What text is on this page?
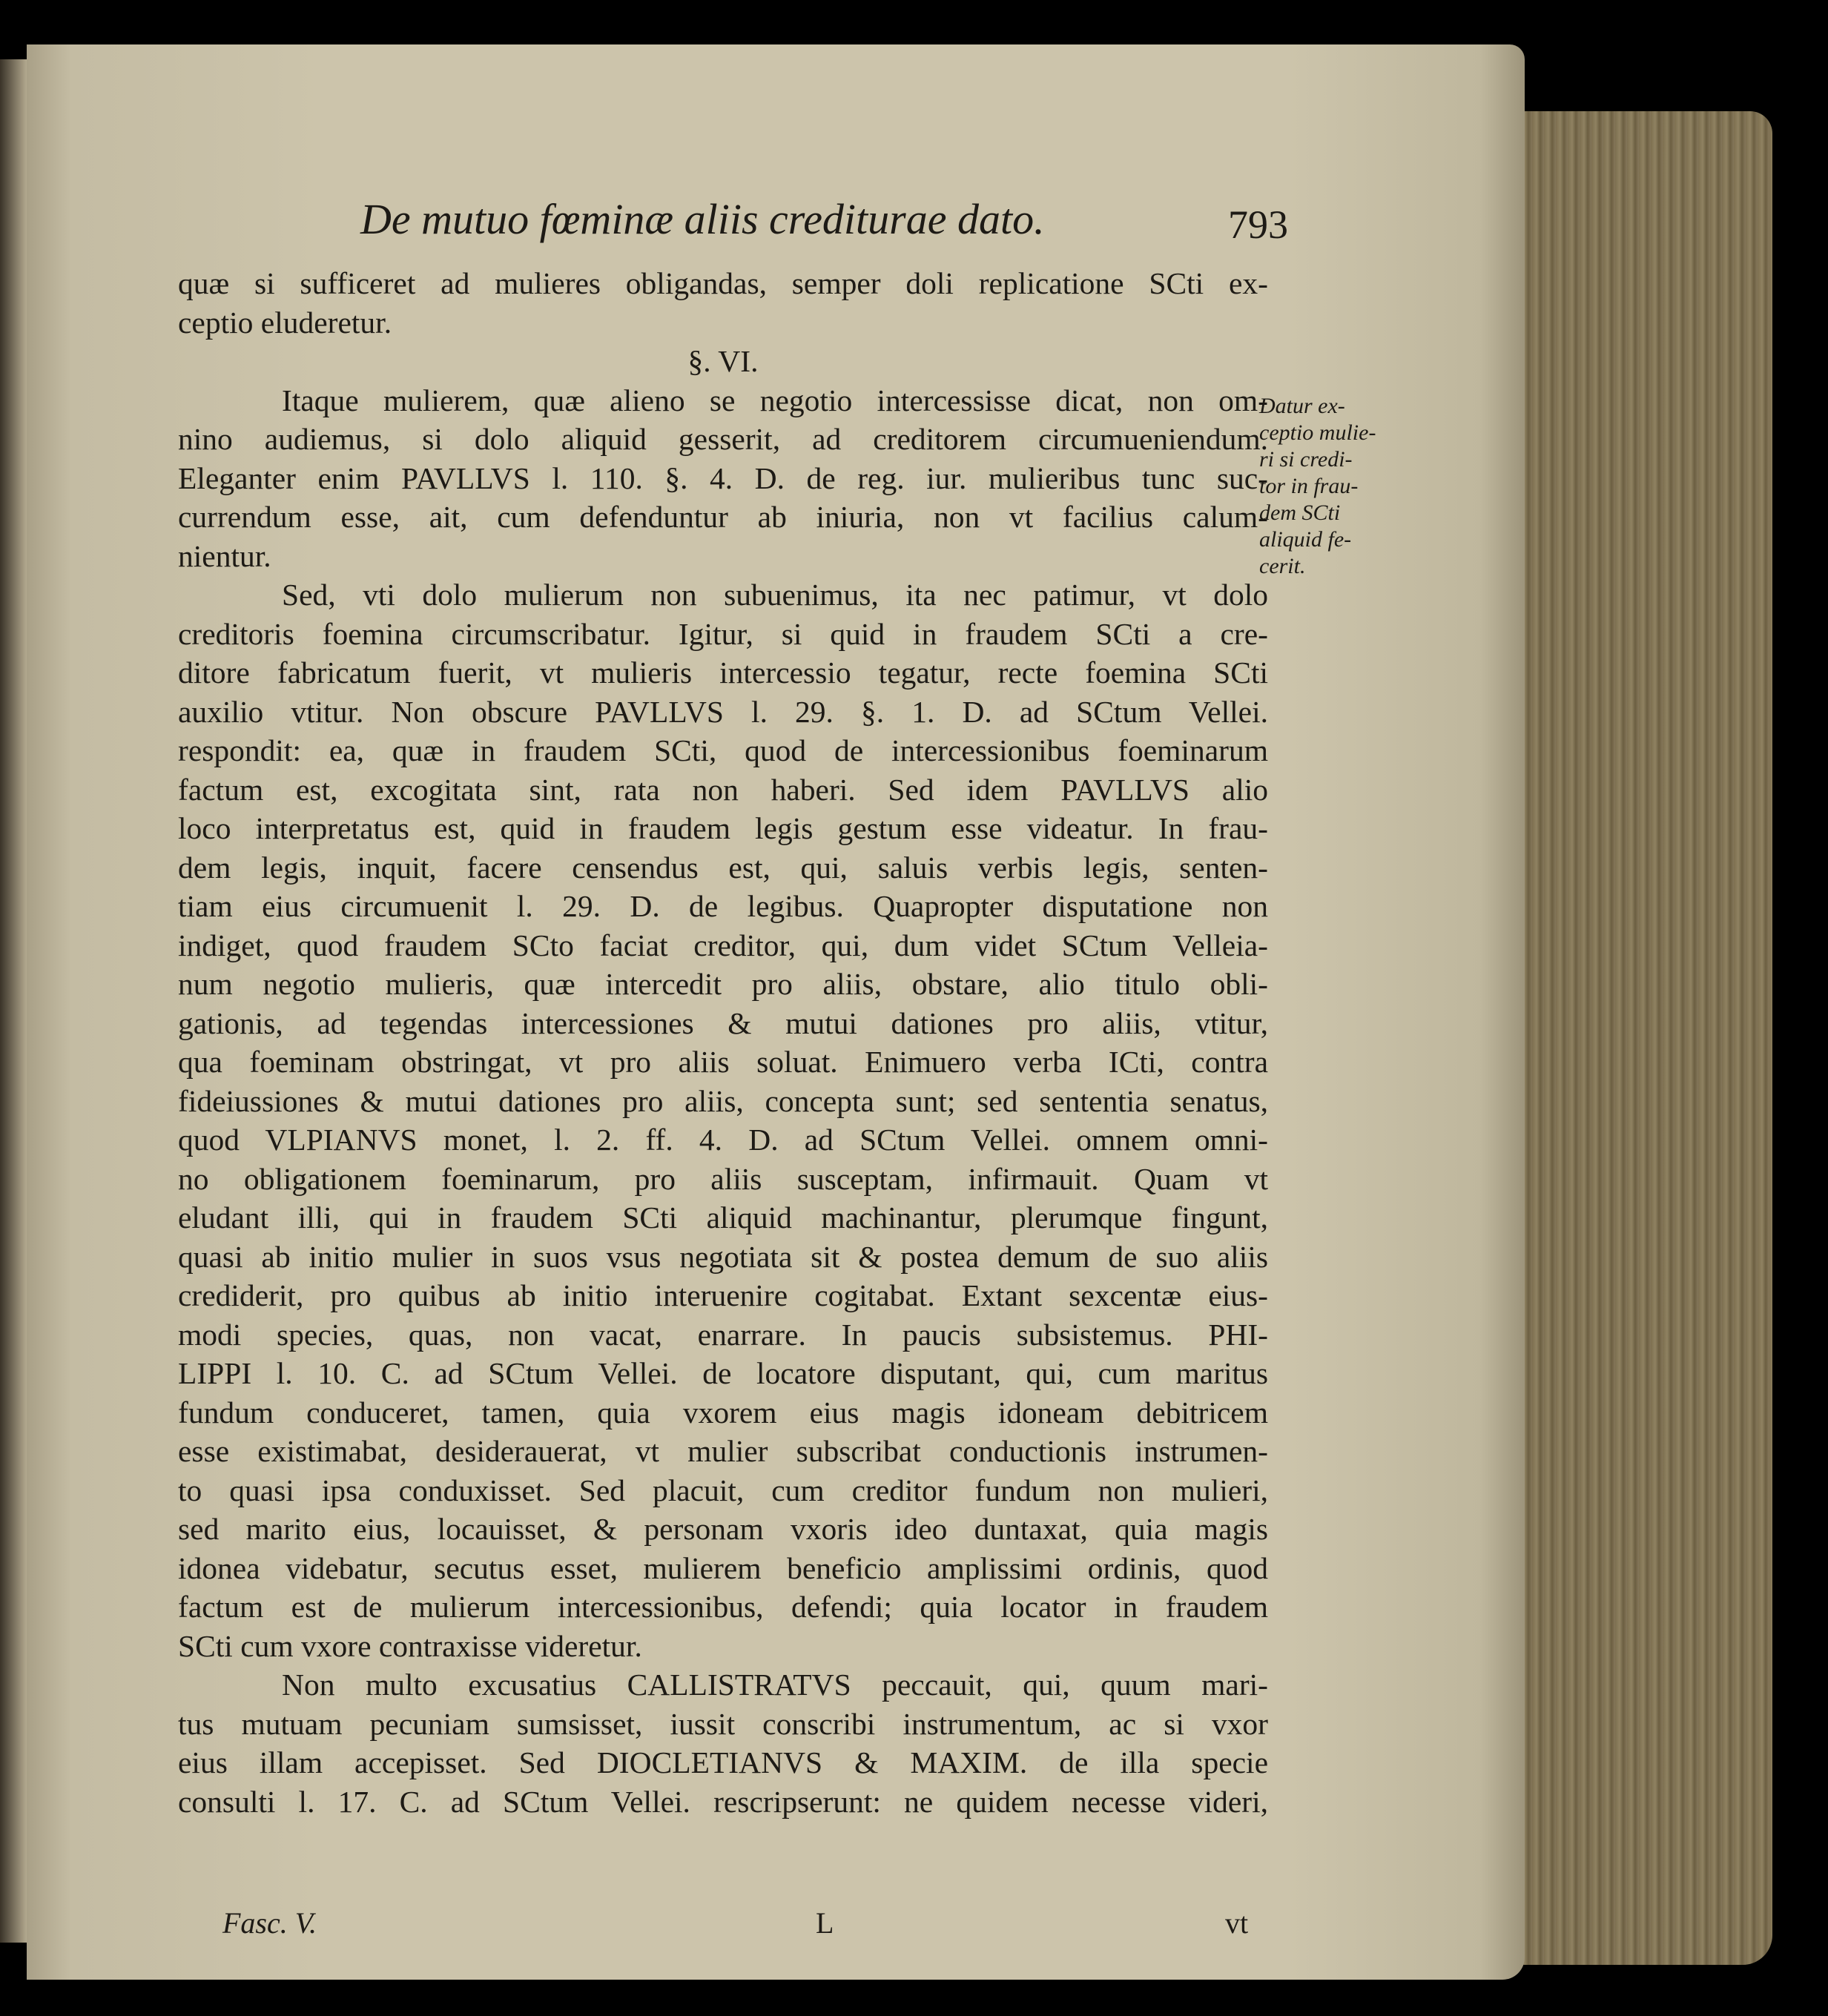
De mutuo fœminæ aliis crediturae dato.	793
quæ si sufficeret ad mulieres obligandas, semper doli replicatione SCti ex-
ceptio eluderetur.
§. VI.
Itaque mulierem, quæ alieno se negotio intercessisse dicat, non om-
nino audiemus, si dolo aliquid gesserit, ad creditorem circumueniendum.
Eleganter enim PAVLLVS l. 110. §. 4. D. de reg. iur. mulieribus tunc suc-
currendum esse, ait, cum defenduntur ab iniuria, non vt facilius calum-
nientur.
Sed, vti dolo mulierum non subuenimus, ita nec patimur, vt dolo
creditoris foemina circumscribatur. Igitur, si quid in fraudem SCti a cre-
ditore fabricatum fuerit, vt mulieris intercessio tegatur, recte foemina SCti
auxilio vtitur. Non obscure PAVLLVS l. 29. §. 1. D. ad SCtum Vellei.
respondit: ea, quæ in fraudem SCti, quod de intercessionibus foeminarum
factum est, excogitata sint, rata non haberi. Sed idem PAVLLVS alio
loco interpretatus est, quid in fraudem legis gestum esse videatur. In frau-
dem legis, inquit, facere censendus est, qui, saluis verbis legis, senten-
tiam eius circumuenit l. 29. D. de legibus. Quapropter disputatione non
indiget, quod fraudem SCto faciat creditor, qui, dum videt SCtum Velleia-
num negotio mulieris, quæ intercedit pro aliis, obstare, alio titulo obli-
gationis, ad tegendas intercessiones & mutui dationes pro aliis, vtitur,
qua foeminam obstringat, vt pro aliis soluat. Enimuero verba ICti, contra
fideiussiones & mutui dationes pro aliis, concepta sunt; sed sententia senatus,
quod VLPIANVS monet, l. 2. ff. 4. D. ad SCtum Vellei. omnem omni-
no obligationem foeminarum, pro aliis susceptam, infirmauit. Quam vt
eludant illi, qui in fraudem SCti aliquid machinantur, plerumque fingunt,
quasi ab initio mulier in suos vsus negotiata sit & postea demum de suo aliis
crediderit, pro quibus ab initio interuenire cogitabat. Extant sexcentæ eius-
modi species, quas, non vacat, enarrare. In paucis subsistemus. PHI-
LIPPI l. 10. C. ad SCtum Vellei. de locatore disputant, qui, cum maritus
fundum conduceret, tamen, quia vxorem eius magis idoneam debitricem
esse existimabat, desiderauerat, vt mulier subscribat conductionis instrumen-
to quasi ipsa conduxisset. Sed placuit, cum creditor fundum non mulieri,
sed marito eius, locauisset, & personam vxoris ideo duntaxat, quia magis
idonea videbatur, secutus esset, mulierem beneficio amplissimi ordinis, quod
factum est de mulierum intercessionibus, defendi; quia locator in fraudem
SCti cum vxore contraxisse videretur.
Non multo excusatius CALLISTRATVS peccauit, qui, quum mari-
tus mutuam pecuniam sumsisset, iussit conscribi instrumentum, ac si vxor
eius illam accepisset. Sed DIOCLETIANVS & MAXIM. de illa specie
consulti l. 17. C. ad SCtum Vellei. rescripserunt: ne quidem necesse videri,
Datur ex-
ceptio mulie-
ri si credi-
tor in frau-
dem SCti
aliquid fe-
cerit.
Fasc. V.	L	vt
